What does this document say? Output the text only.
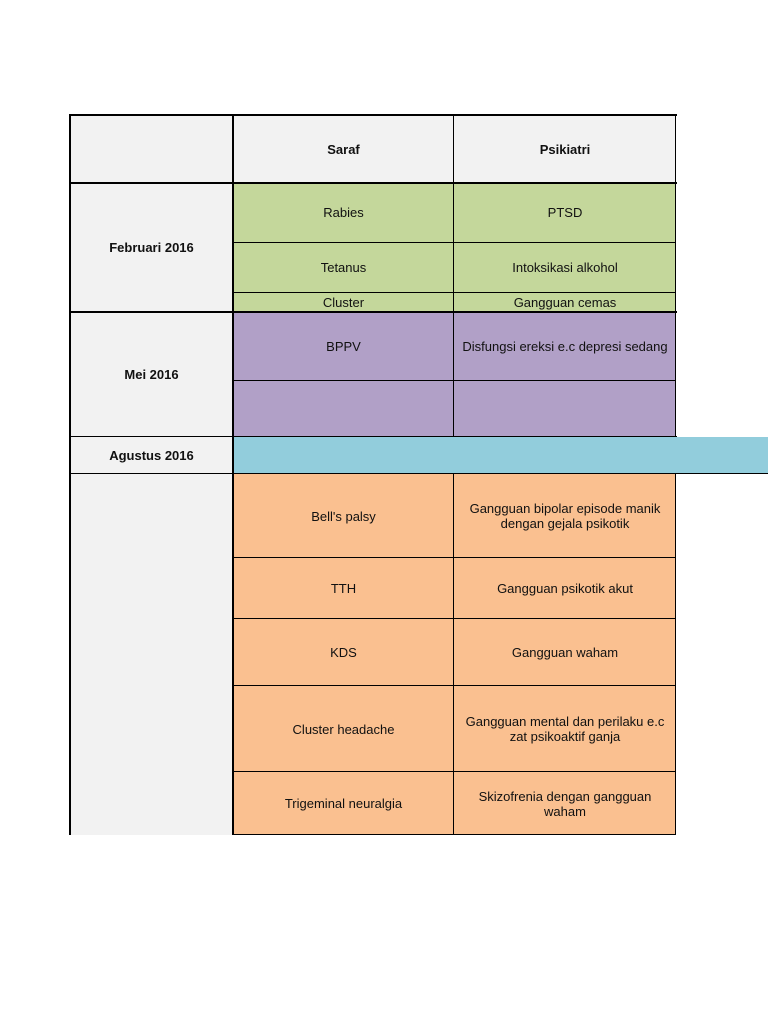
Saraf	Psikiatri
Februari 2016
Rabies	PTSD
Tetanus	Intoksikasi alkohol
Cluster	Gangguan cemas
Mei 2016
BPPV	Disfungsi ereksi e.c depresi sedang
Agustus 2016
Bell's palsy	Gangguan bipolar episode manik dengan gejala psikotik
TTH	Gangguan psikotik akut
KDS	Gangguan waham
Cluster headache	Gangguan mental dan perilaku e.c zat psikoaktif ganja
Trigeminal neuralgia	Skizofrenia dengan gangguan waham
